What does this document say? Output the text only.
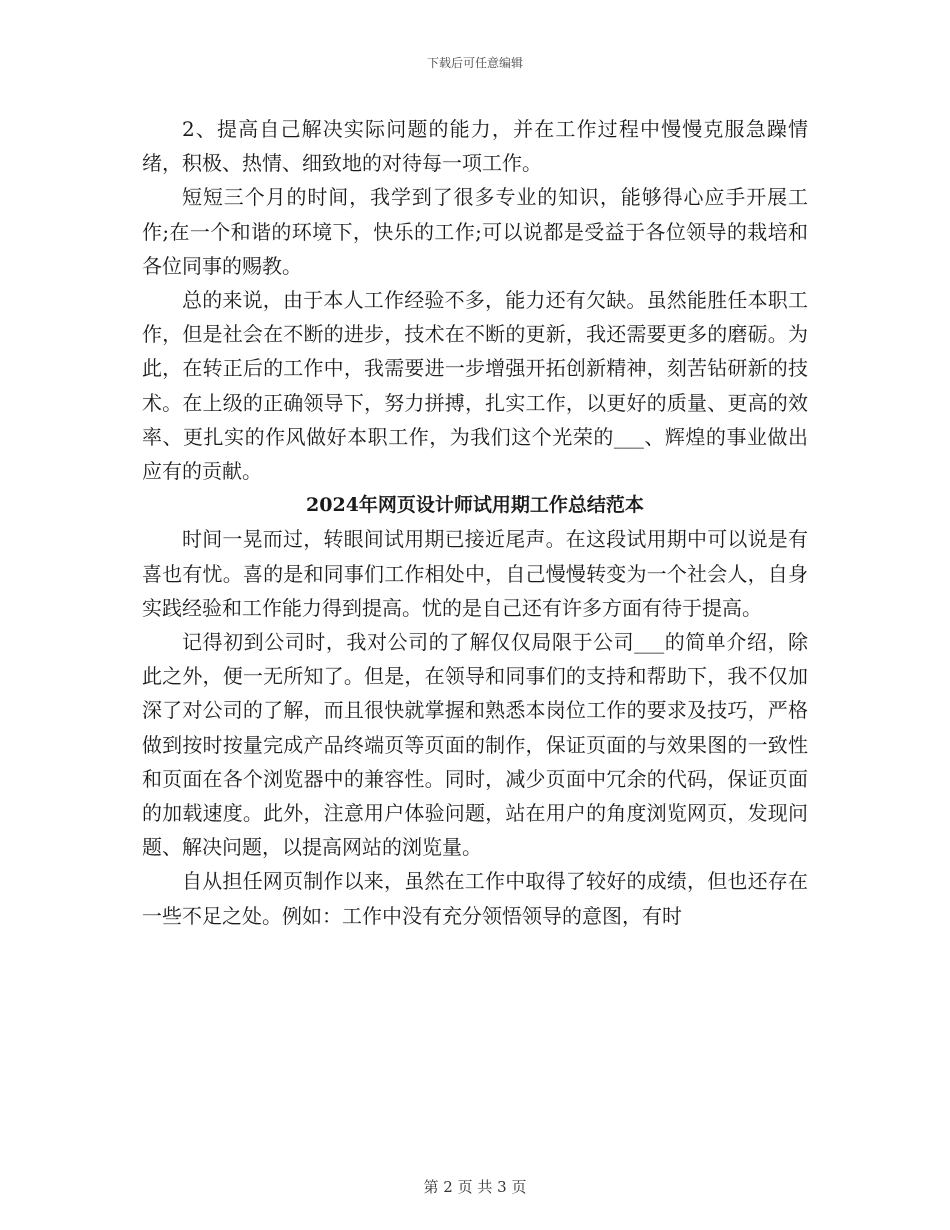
下载后可任意编辑

2、提高自己解决实际问题的能力，并在工作过程中慢慢克服急躁情绪，积极、热情、细致地的对待每一项工作。

短短三个月的时间，我学到了很多专业的知识，能够得心应手开展工作;在一个和谐的环境下，快乐的工作;可以说都是受益于各位领导的栽培和各位同事的赐教。

总的来说，由于本人工作经验不多，能力还有欠缺。虽然能胜任本职工作，但是社会在不断的进步，技术在不断的更新，我还需要更多的磨砺。为此，在转正后的工作中，我需要进一步增强开拓创新精神，刻苦钻研新的技术。在上级的正确领导下，努力拼搏，扎实工作，以更好的质量、更高的效率、更扎实的作风做好本职工作，为我们这个光荣的___、辉煌的事业做出应有的贡献。

2024年网页设计师试用期工作总结范本

时间一晃而过，转眼间试用期已接近尾声。在这段试用期中可以说是有喜也有忧。喜的是和同事们工作相处中，自己慢慢转变为一个社会人，自身实践经验和工作能力得到提高。忧的是自己还有许多方面有待于提高。

记得初到公司时，我对公司的了解仅仅局限于公司___的简单介绍，除此之外，便一无所知了。但是，在领导和同事们的支持和帮助下，我不仅加深了对公司的了解，而且很快就掌握和熟悉本岗位工作的要求及技巧，严格做到按时按量完成产品终端页等页面的制作，保证页面的与效果图的一致性和页面在各个浏览器中的兼容性。同时，减少页面中冗余的代码，保证页面的加载速度。此外，注意用户体验问题，站在用户的角度浏览网页，发现问题、解决问题，以提高网站的浏览量。

自从担任网页制作以来，虽然在工作中取得了较好的成绩，但也还存在一些不足之处。例如：工作中没有充分领悟领导的意图，有时

第 2 页 共 3 页
